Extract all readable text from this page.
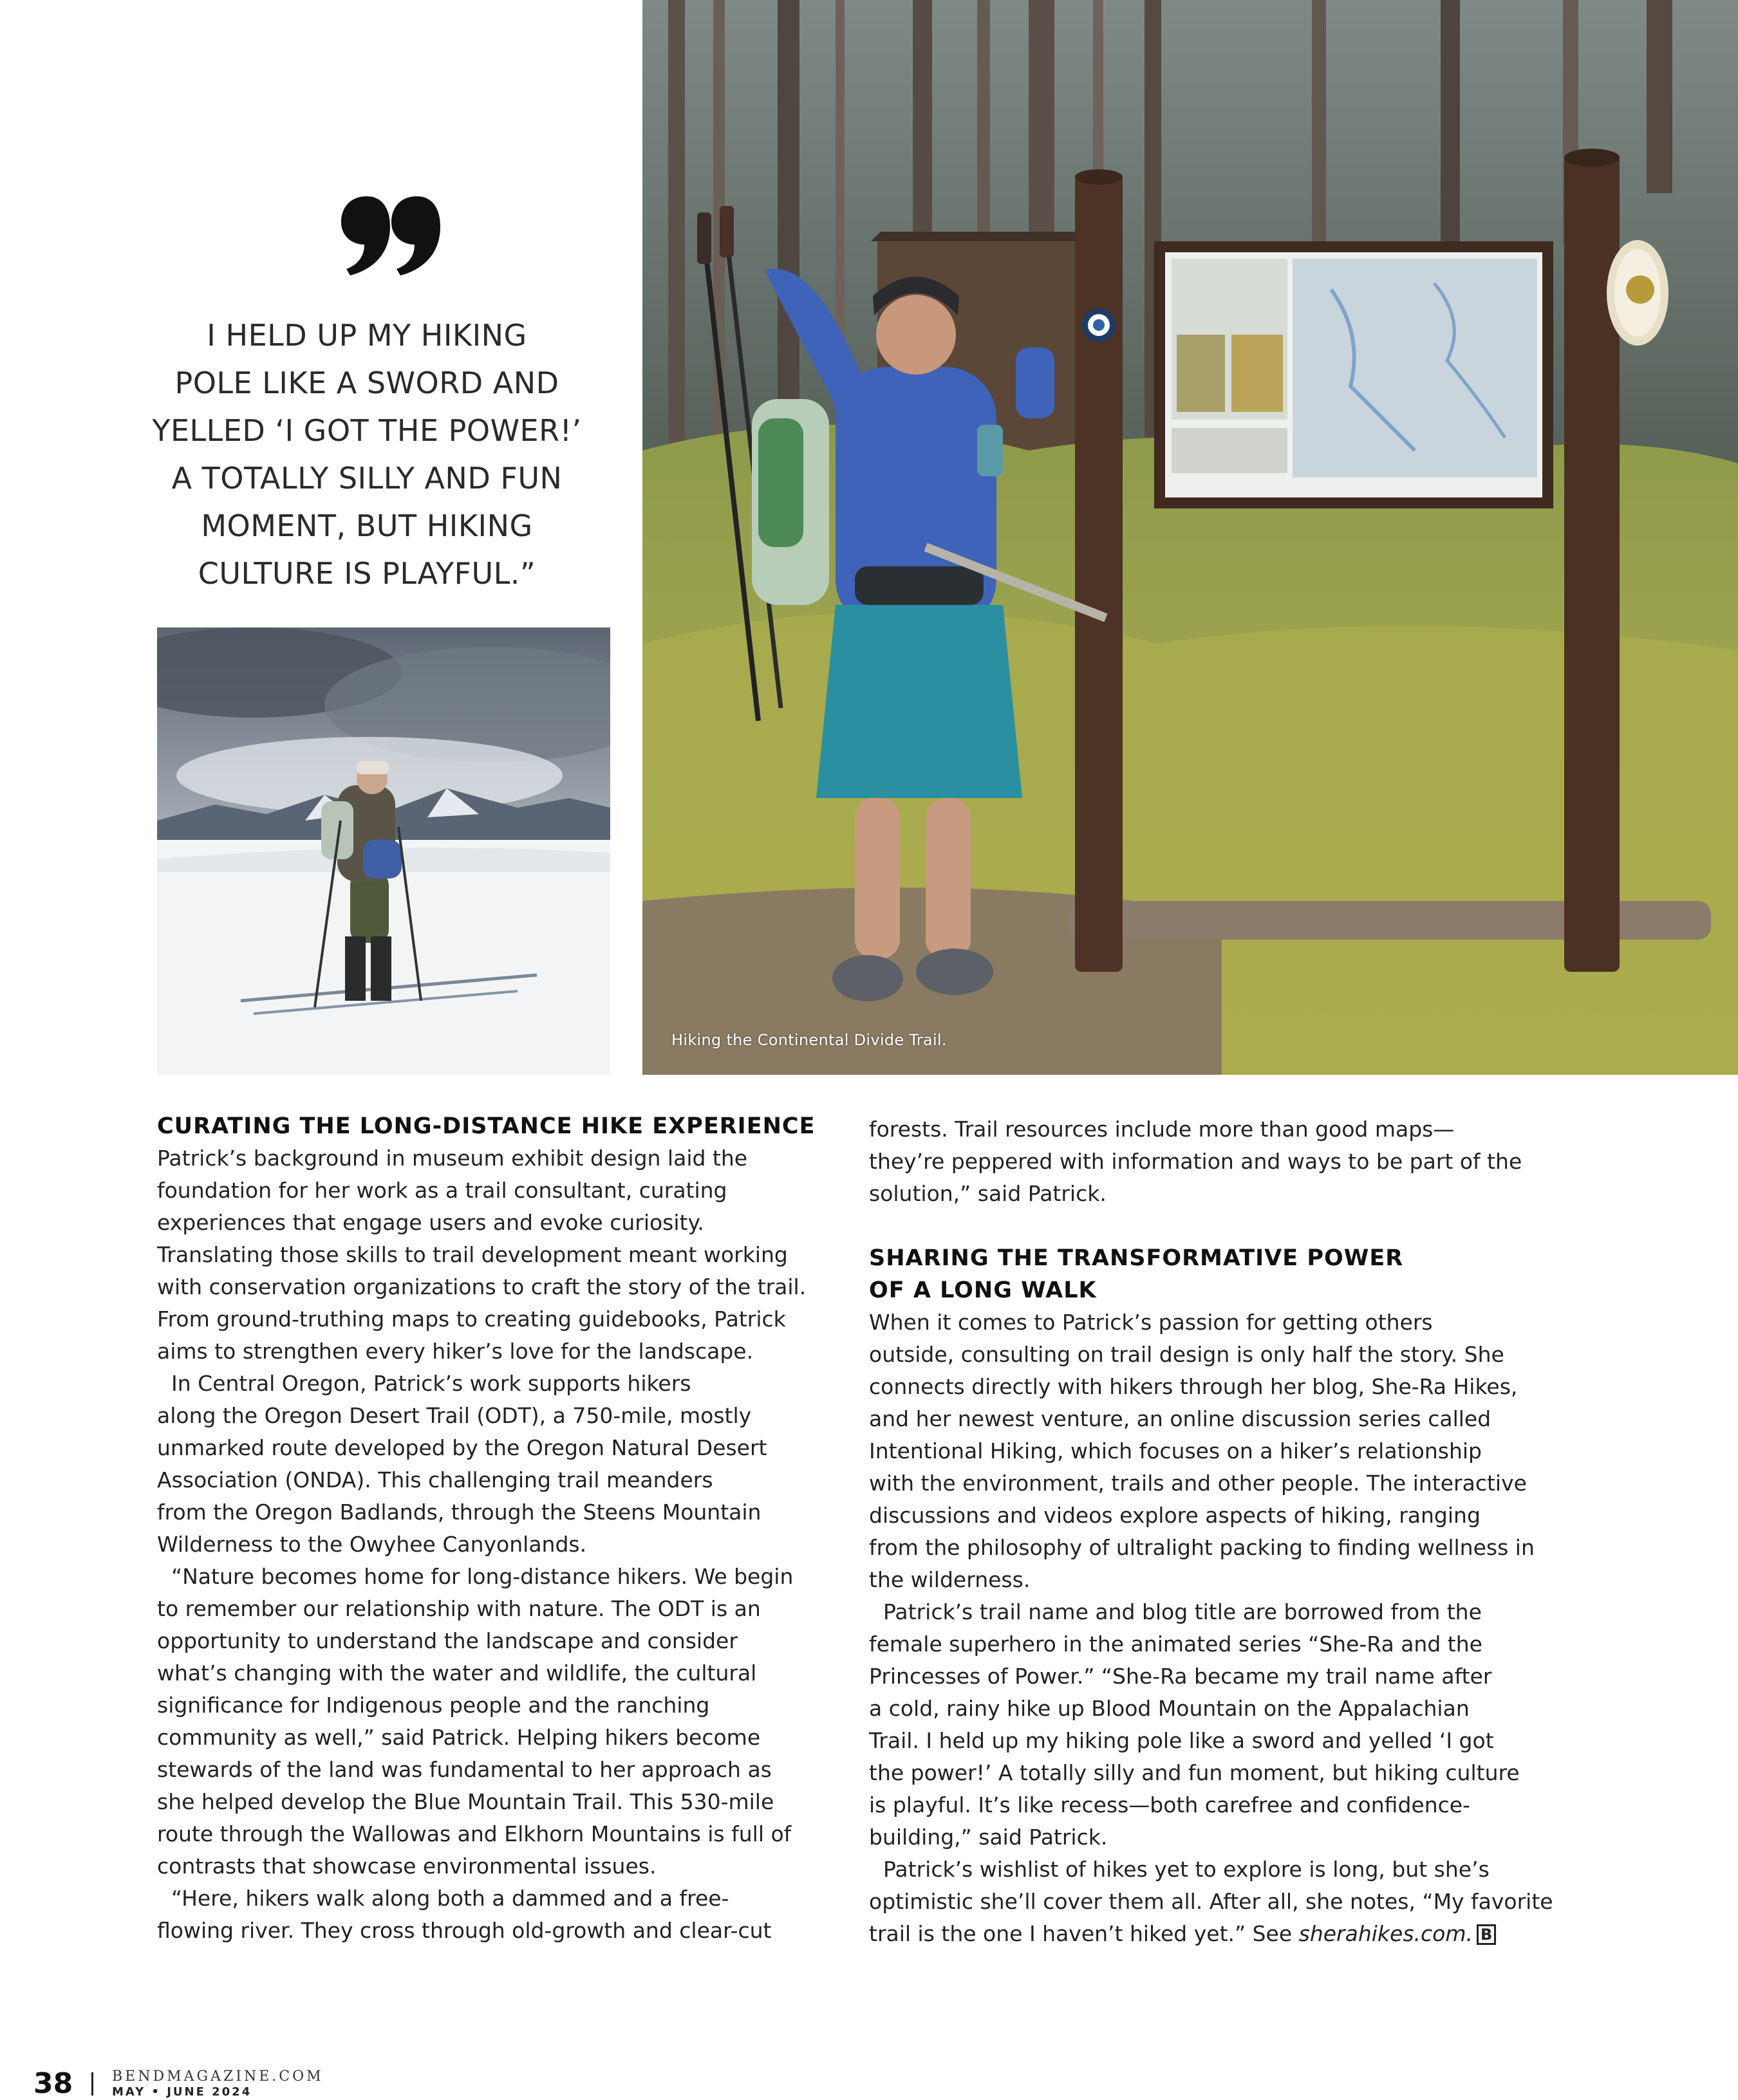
I HELD UP MY HIKING
POLE LIKE A SWORD AND
YELLED ‘I GOT THE POWER!’
A TOTALLY SILLY AND FUN
MOMENT, BUT HIKING
CULTURE IS PLAYFUL.”
Hiking the Continental Divide Trail.
CURATING THE LONG-DISTANCE HIKE EXPERIENCE

Patrick’s background in museum exhibit design laid the
foundation for her work as a trail consultant, curating
experiences that engage users and evoke curiosity.
Translating those skills to trail development meant working
with conservation organizations to craft the story of the trail.
From ground-truthing maps to creating guidebooks, Patrick
aims to strengthen every hiker’s love for the landscape.

In Central Oregon, Patrick’s work supports hikers
along the Oregon Desert Trail (ODT), a 750-mile, mostly
unmarked route developed by the Oregon Natural Desert
Association (ONDA). This challenging trail meanders
from the Oregon Badlands, through the Steens Mountain
Wilderness to the Owyhee Canyonlands.

“Nature becomes home for long-distance hikers. We begin
to remember our relationship with nature. The ODT is an
opportunity to understand the landscape and consider
what’s changing with the water and wildlife, the cultural
significance for Indigenous people and the ranching
community as well,” said Patrick. Helping hikers become
stewards of the land was fundamental to her approach as
she helped develop the Blue Mountain Trail. This 530-mile
route through the Wallowas and Elkhorn Mountains is full of
contrasts that showcase environmental issues.

“Here, hikers walk along both a dammed and a free-
flowing river. They cross through old-growth and clear-cut

forests. Trail resources include more than good maps—
they’re peppered with information and ways to be part of the
solution,” said Patrick.

SHARING THE TRANSFORMATIVE POWER
OF A LONG WALK

When it comes to Patrick’s passion for getting others
outside, consulting on trail design is only half the story. She
connects directly with hikers through her blog, She-Ra Hikes,
and her newest venture, an online discussion series called
Intentional Hiking, which focuses on a hiker’s relationship
with the environment, trails and other people. The interactive
discussions and videos explore aspects of hiking, ranging
from the philosophy of ultralight packing to finding wellness in
the wilderness.

Patrick’s trail name and blog title are borrowed from the
female superhero in the animated series “She-Ra and the
Princesses of Power.” “She-Ra became my trail name after
a cold, rainy hike up Blood Mountain on the Appalachian
Trail. I held up my hiking pole like a sword and yelled ‘I got
the power!’ A totally silly and fun moment, but hiking culture
is playful. It’s like recess—both carefree and confidence-
building,” said Patrick.

Patrick’s wishlist of hikes yet to explore is long, but she’s
optimistic she’ll cover them all. After all, she notes, “My favorite
trail is the one I haven’t hiked yet.” See sherahikes.com. B

38	BENDMAGAZINE.COM
MAY • JUNE 2024
